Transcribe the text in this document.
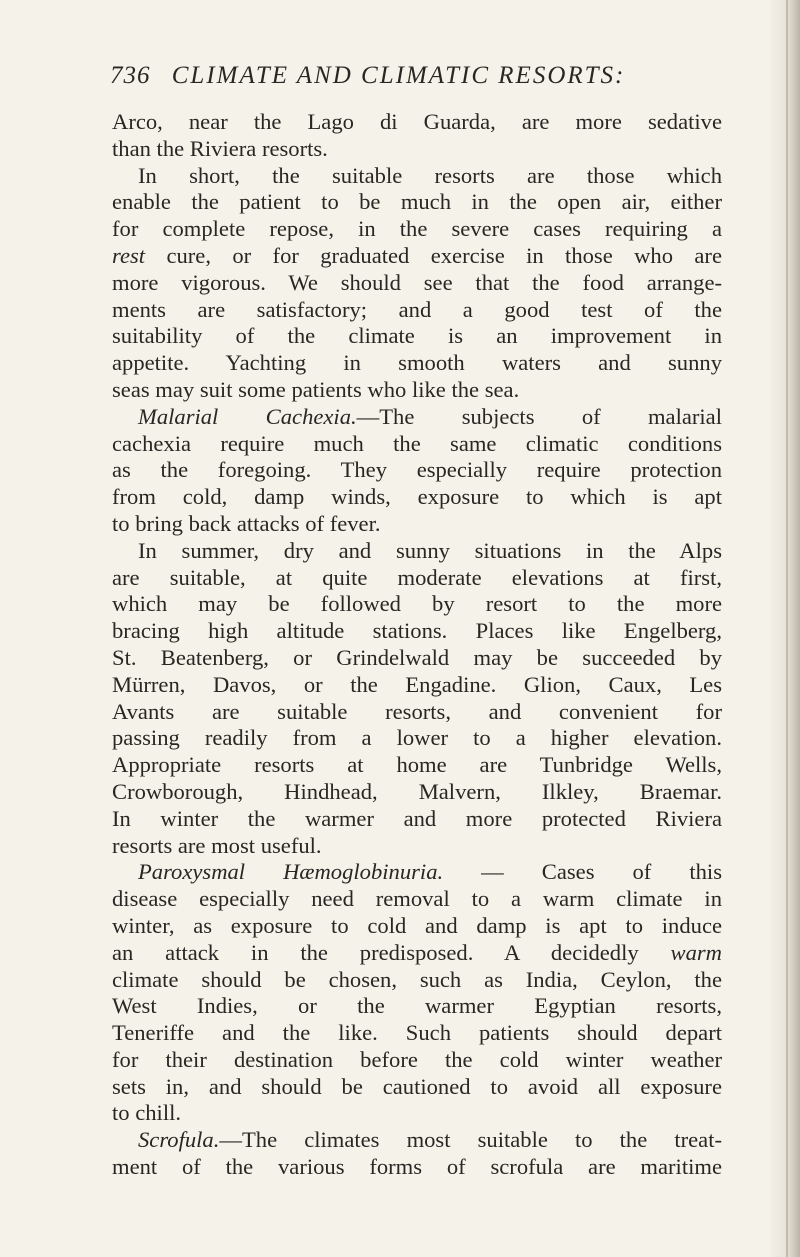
736 CLIMATE AND CLIMATIC RESORTS:
Arco, near the Lago di Guarda, are more sedative
than the Riviera resorts.
In short, the suitable resorts are those which
enable the patient to be much in the open air, either
for complete repose, in the severe cases requiring a
rest cure, or for graduated exercise in those who are
more vigorous. We should see that the food arrange-
ments are satisfactory; and a good test of the
suitability of the climate is an improvement in
appetite. Yachting in smooth waters and sunny
seas may suit some patients who like the sea.
Malarial Cachexia.—The subjects of malarial
cachexia require much the same climatic conditions
as the foregoing. They especially require protection
from cold, damp winds, exposure to which is apt
to bring back attacks of fever.
In summer, dry and sunny situations in the Alps
are suitable, at quite moderate elevations at first,
which may be followed by resort to the more
bracing high altitude stations. Places like Engelberg,
St. Beatenberg, or Grindelwald may be succeeded by
Mürren, Davos, or the Engadine. Glion, Caux, Les
Avants are suitable resorts, and convenient for
passing readily from a lower to a higher elevation.
Appropriate resorts at home are Tunbridge Wells,
Crowborough, Hindhead, Malvern, Ilkley, Braemar.
In winter the warmer and more protected Riviera
resorts are most useful.
Paroxysmal Hæmoglobinuria. — Cases of this
disease especially need removal to a warm climate in
winter, as exposure to cold and damp is apt to induce
an attack in the predisposed. A decidedly warm
climate should be chosen, such as India, Ceylon, the
West Indies, or the warmer Egyptian resorts,
Teneriffe and the like. Such patients should depart
for their destination before the cold winter weather
sets in, and should be cautioned to avoid all exposure
to chill.
Scrofula.—The climates most suitable to the treat-
ment of the various forms of scrofula are maritime
